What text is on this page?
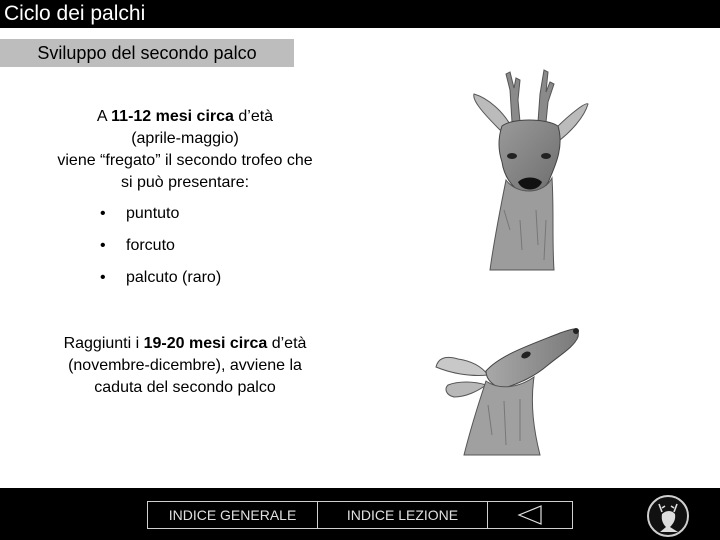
Ciclo dei palchi
Sviluppo del secondo palco
A 11-12 mesi circa d’età
(aprile-maggio)
viene “fregato” il secondo trofeo che
si può presentare:
•	puntuto
•	forcuto
•	palcuto (raro)
Raggiunti i 19-20 mesi circa d’età
(novembre-dicembre), avviene la
caduta del secondo palco
INDICE GENERALE	INDICE LEZIONE
